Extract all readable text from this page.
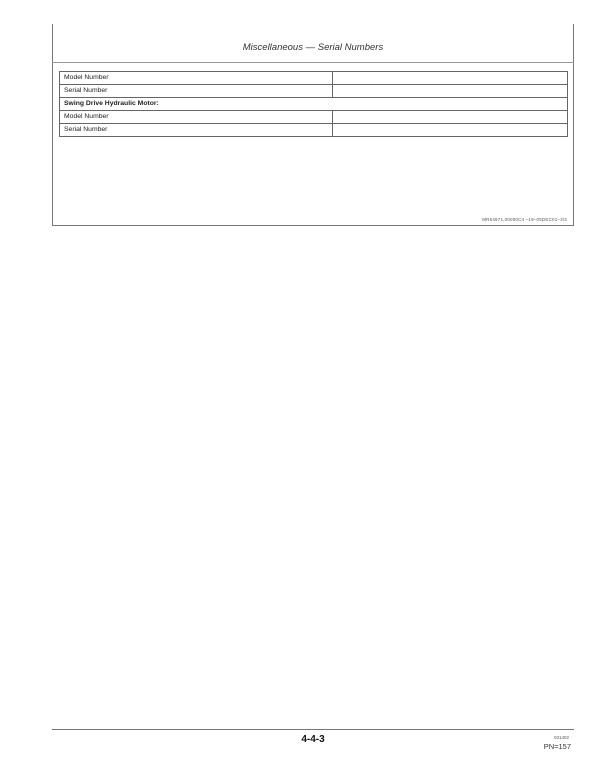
Miscellaneous — Serial Numbers
Model Number	
Serial Number	
Swing Drive Hydraulic Motor:	
Model Number	
Serial Number	
MR64971,00000C4 –19–05DEC01–3/3
4-4-3	031402
PN=157
